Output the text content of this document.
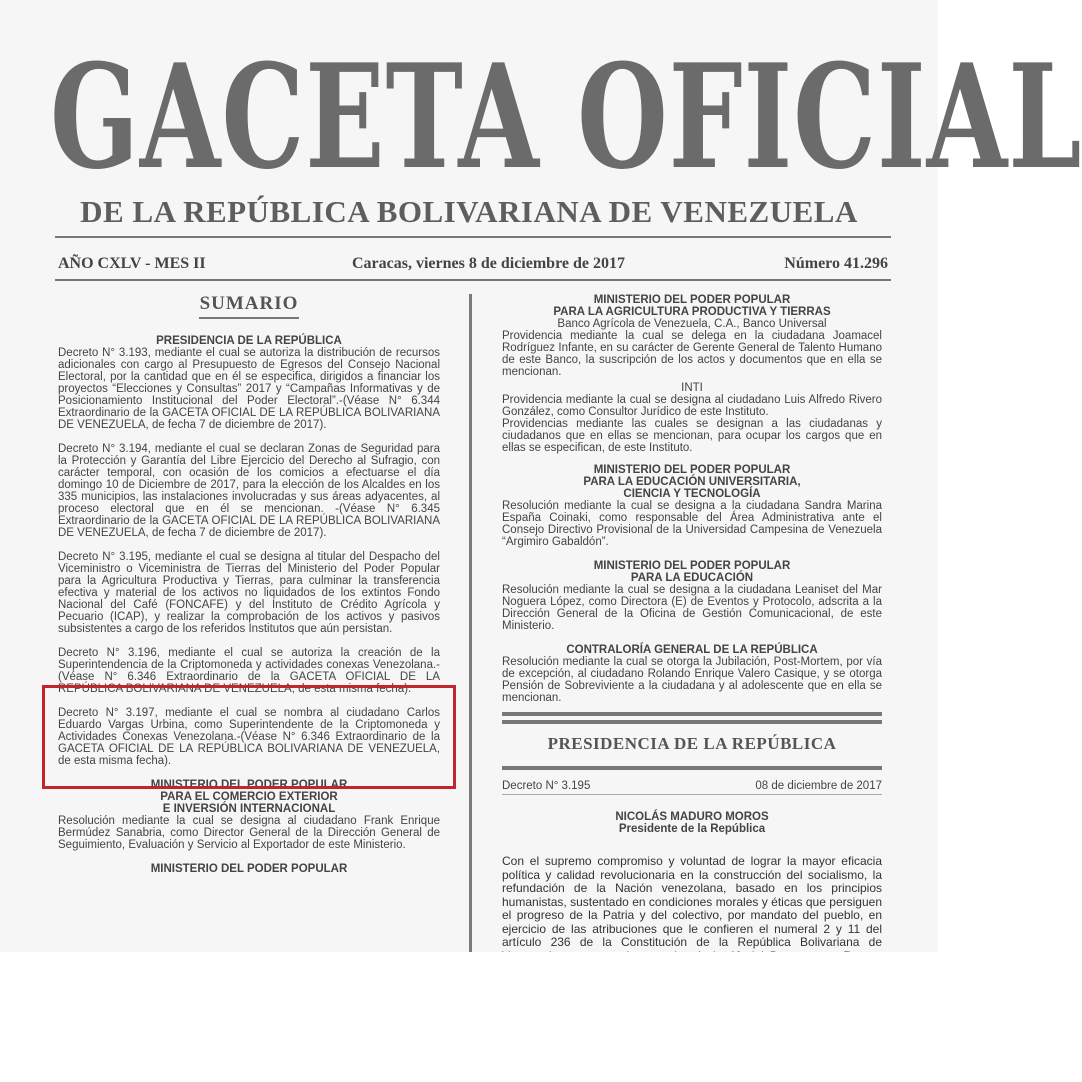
GACETA OFICIAL
DE LA REPÚBLICA BOLIVARIANA DE VENEZUELA
AÑO CXLV - MES II	Caracas, viernes 8 de diciembre de 2017	Número 41.296
SUMARIO

PRESIDENCIA DE LA REPÚBLICA

Decreto N° 3.193, mediante el cual se autoriza la distribución de recursos adicionales con cargo al Presupuesto de Egresos del Consejo Nacional Electoral, por la cantidad que en él se especifica, dirigidos a financiar los proyectos “Elecciones y Consultas” 2017 y “Campañas Informativas y de Posicionamiento Institucional del Poder Electoral”.-(Véase N° 6.344 Extraordinario de la GACETA OFICIAL DE LA REPÚBLICA BOLIVARIANA DE VENEZUELA, de fecha 7 de diciembre de 2017).

Decreto N° 3.194, mediante el cual se declaran Zonas de Seguridad para la Protección y Garantía del Libre Ejercicio del Derecho al Sufragio, con carácter temporal, con ocasión de los comicios a efectuarse el día domingo 10 de Diciembre de 2017, para la elección de los Alcaldes en los 335 municipios, las instalaciones involucradas y sus áreas adyacentes, al proceso electoral que en él se mencionan. -(Véase N° 6.345 Extraordinario de la GACETA OFICIAL DE LA REPÚBLICA BOLIVARIANA DE VENEZUELA, de fecha 7 de diciembre de 2017).

Decreto N° 3.195, mediante el cual se designa al titular del Despacho del Viceministro o Viceministra de Tierras del Ministerio del Poder Popular para la Agricultura Productiva y Tierras, para culminar la transferencia efectiva y material de los activos no liquidados de los extintos Fondo Nacional del Café (FONCAFE) y del Instituto de Crédito Agrícola y Pecuario (ICAP), y realizar la comprobación de los activos y pasivos subsistentes a cargo de los referidos Institutos que aún persistan.

Decreto N° 3.196, mediante el cual se autoriza la creación de la Superintendencia de la Criptomoneda y actividades conexas Venezolana.-(Véase N° 6.346 Extraordinario de la GACETA OFICIAL DE LA REPÚBLICA BOLIVARIANA DE VENEZUELA, de esta misma fecha).

Decreto N° 3.197, mediante el cual se nombra al ciudadano Carlos Eduardo Vargas Urbina, como Superintendente de la Criptomoneda y Actividades Conexas Venezolana.-(Véase N° 6.346 Extraordinario de la GACETA OFICIAL DE LA REPÚBLICA BOLIVARIANA DE VENEZUELA, de esta misma fecha).

MINISTERIO DEL PODER POPULAR

PARA EL COMERCIO EXTERIOR

E INVERSIÓN INTERNACIONAL

Resolución mediante la cual se designa al ciudadano Frank Enrique Bermúdez Sanabria, como Director General de la Dirección General de Seguimiento, Evaluación y Servicio al Exportador de este Ministerio.

MINISTERIO DEL PODER POPULAR

MINISTERIO DEL PODER POPULAR

PARA LA AGRICULTURA PRODUCTIVA Y TIERRAS

Banco Agrícola de Venezuela, C.A., Banco Universal

Providencia mediante la cual se delega en la ciudadana Joamacel Rodríguez Infante, en su carácter de Gerente General de Talento Humano de este Banco, la suscripción de los actos y documentos que en ella se mencionan.

INTI

Providencia mediante la cual se designa al ciudadano Luis Alfredo Rivero González, como Consultor Jurídico de este Instituto.

Providencias mediante las cuales se designan a las ciudadanas y ciudadanos que en ellas se mencionan, para ocupar los cargos que en ellas se especifican, de este Instituto.

MINISTERIO DEL PODER POPULAR

PARA LA EDUCACIÓN UNIVERSITARIA,

CIENCIA Y TECNOLOGÍA

Resolución mediante la cual se designa a la ciudadana Sandra Marina España Coinaki, como responsable del Área Administrativa ante el Consejo Directivo Provisional de la Universidad Campesina de Venezuela “Argimiro Gabaldón”.

MINISTERIO DEL PODER POPULAR

PARA LA EDUCACIÓN

Resolución mediante la cual se designa a la ciudadana Leaniset del Mar Noguera López, como Directora (E) de Eventos y Protocolo, adscrita a la Dirección General de la Oficina de Gestión Comunicacional, de este Ministerio.

CONTRALORÍA GENERAL DE LA REPÚBLICA

Resolución mediante la cual se otorga la Jubilación, Post-Mortem, por vía de excepción, al ciudadano Rolando Enrique Valero Casique, y se otorga Pensión de Sobreviviente a la ciudadana y al adolescente que en ella se mencionan.

PRESIDENCIA DE LA REPÚBLICA
Decreto N° 3.195	08 de diciembre de 2017
NICOLÁS MADURO MOROS
Presidente de la República
Con el supremo compromiso y voluntad de lograr la mayor eficacia política y calidad revolucionaria en la construcción del socialismo, la refundación de la Nación venezolana, basado en los principios humanistas, sustentado en condiciones morales y éticas que persiguen el progreso de la Patria y del colectivo, por mandato del pueblo, en ejercicio de las atribuciones que le confieren el numeral 2 y 11 del artículo 236 de la Constitución de la República Bolivariana de
